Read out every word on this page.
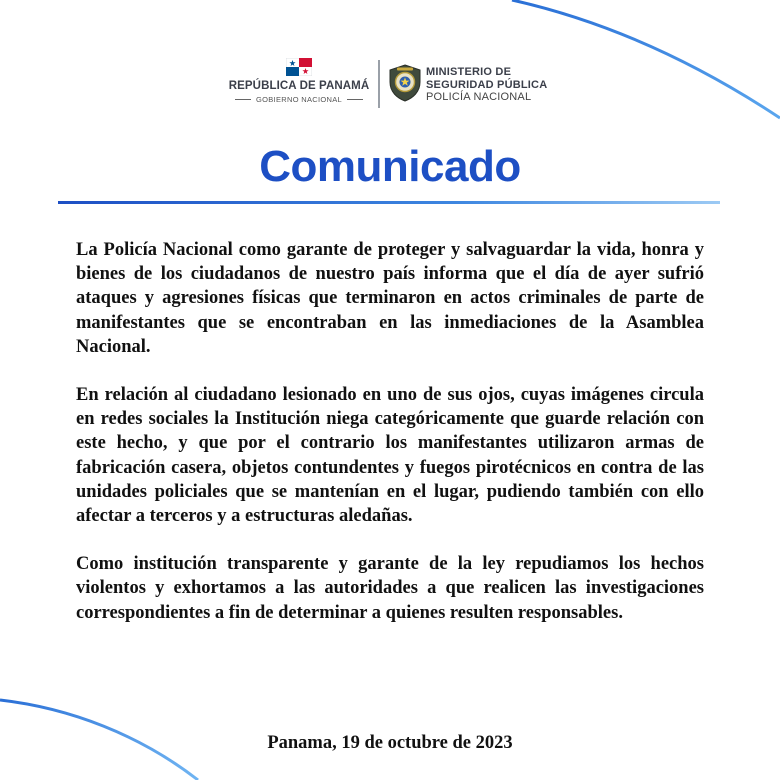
REPÚBLICA DE PANAMÁ
GOBIERNO NACIONAL
MINISTERIO DE
SEGURIDAD PÚBLICA
POLICÍA NACIONAL
Comunicado

La Policía Nacional como garante de proteger y salvaguardar la vida, honra y bienes de los ciudadanos de nuestro país informa que el día de ayer sufrió ataques y agresiones físicas que terminaron en actos criminales de parte de manifestantes que se encontraban en las inmediaciones de la Asamblea Nacional.

En relación al ciudadano lesionado en uno de sus ojos, cuyas imágenes circula en redes sociales la Institución niega categóricamente que guarde relación con este hecho, y que por el contrario los manifestantes utilizaron armas de fabricación casera, objetos contundentes y fuegos pirotécnicos en contra de las unidades policiales que se mantenían en el lugar, pudiendo también con ello afectar a terceros y a estructuras aledañas.

Como institución transparente y garante de la ley repudiamos los hechos violentos y exhortamos a las autoridades a que realicen las investigaciones correspondientes a fin de determinar a quienes resulten responsables.

Panama, 19 de octubre de 2023
